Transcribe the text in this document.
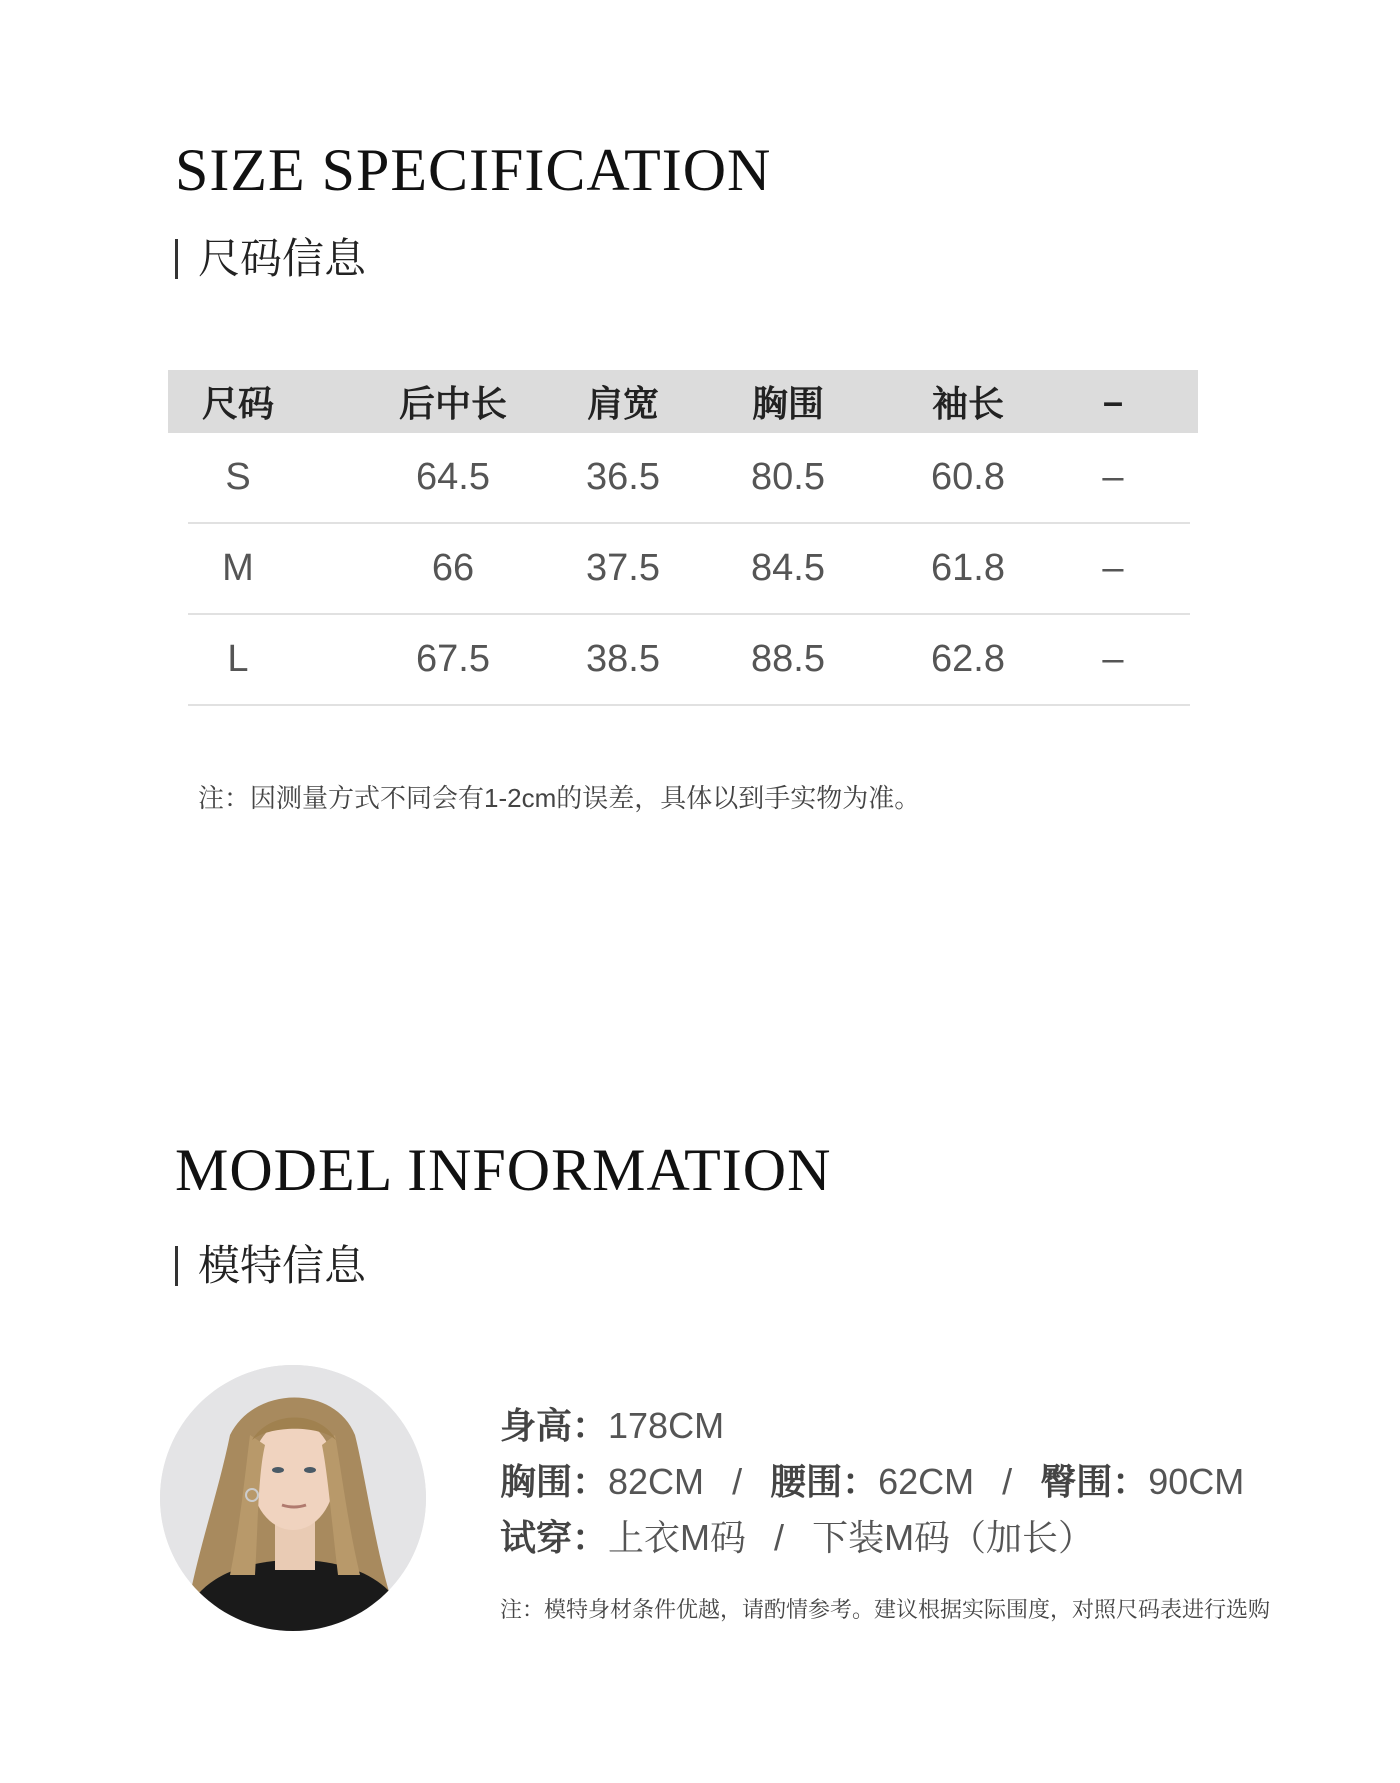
SIZE SPECIFICATION
尺码信息
尺码	后中长	肩宽	胸围	袖长	–
S	64.5	36.5	80.5	60.8	–
M	66	37.5	84.5	61.8	–
L	67.5	38.5	88.5	62.8	–
注：因测量方式不同会有1-2cm的误差，具体以到手实物为准。
MODEL INFORMATION
模特信息
身高：178CM
胸围：82CM / 腰围：62CM / 臀围：90CM
试穿：上衣M码 / 下装M码（加长）
注：模特身材条件优越，请酌情参考。建议根据实际围度，对照尺码表进行选购
